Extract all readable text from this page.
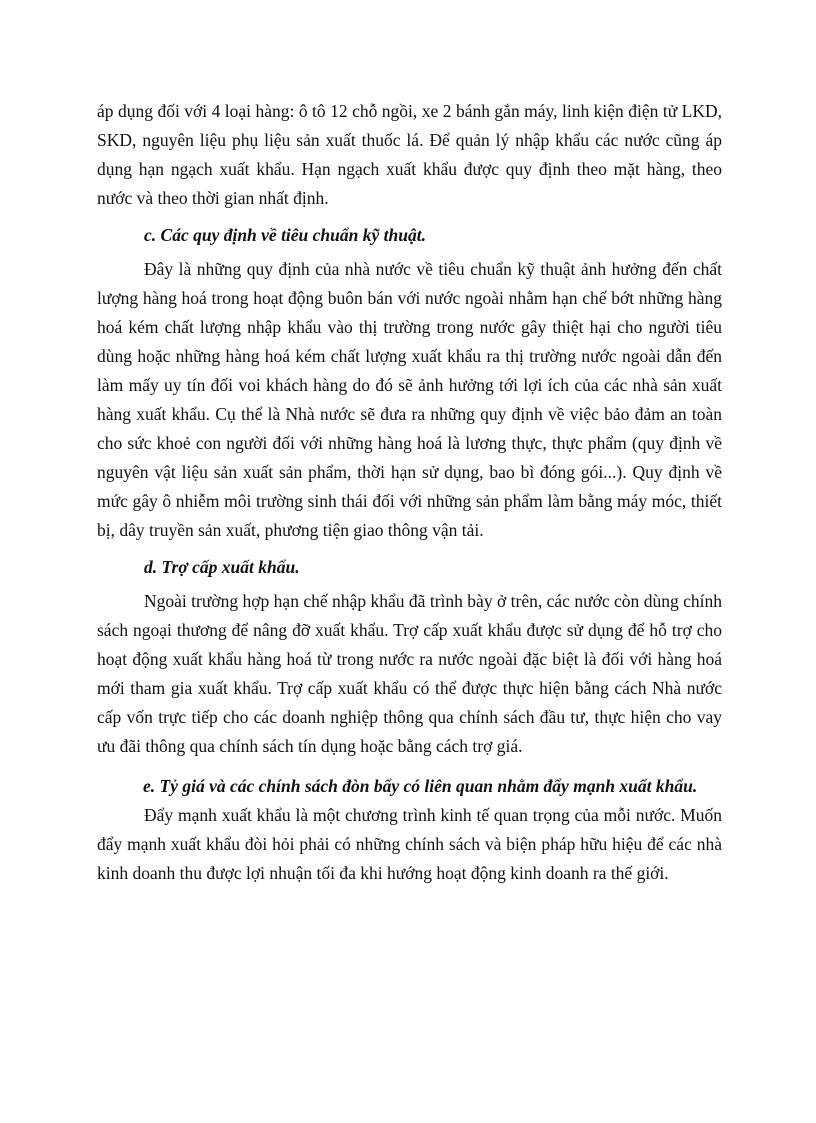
áp dụng đối với 4 loại hàng: ô tô 12 chỗ ngồi, xe 2 bánh gắn máy, linh kiện điện tử LKD, SKD, nguyên liệu phụ liệu sản xuất thuốc lá. Để quản lý nhập khẩu các nước cũng áp dụng hạn ngạch xuất khẩu. Hạn ngạch xuất khẩu được quy định theo mặt hàng, theo nước và theo thời gian nhất định.

c. Các quy định về tiêu chuẩn kỹ thuật.

Đây là những quy định của nhà nước về tiêu chuẩn kỹ thuật ảnh hưởng đến chất lượng hàng hoá trong hoạt động buôn bán với nước ngoài nhằm hạn chế bớt những hàng hoá kém chất lượng nhập khẩu vào thị trường trong nước gây thiệt hại cho người tiêu dùng hoặc những hàng hoá kém chất lượng xuất khẩu ra thị trường nước ngoài dẫn đến làm mấy uy tín đối voi khách hàng do đó sẽ ảnh hưởng tới lợi ích của các nhà sản xuất hàng xuất khẩu. Cụ thể là Nhà nước sẽ đưa ra những quy định về việc bảo đảm an toàn cho sức khoẻ con người đối với những hàng hoá là lương thực, thực phẩm (quy định về nguyên vật liệu sản xuất sản phẩm, thời hạn sử dụng, bao bì đóng gói...). Quy định về mức gây ô nhiễm môi trường sinh thái đối với những sản phẩm làm bằng máy móc, thiết bị, dây truyền sản xuất, phương tiện giao thông vận tải.

d. Trợ cấp xuất khẩu.

Ngoài trường hợp hạn chế nhập khẩu đã trình bày ở trên, các nước còn dùng chính sách ngoại thương để nâng đỡ xuất khẩu. Trợ cấp xuất khẩu được sử dụng để hỗ trợ cho hoạt động xuất khẩu hàng hoá từ trong nước ra nước ngoài đặc biệt là đối với hàng hoá mới tham gia xuất khẩu. Trợ cấp xuất khẩu có thể được thực hiện bằng cách Nhà nước cấp vốn trực tiếp cho các doanh nghiệp thông qua chính sách đầu tư, thực hiện cho vay ưu đãi thông qua chính sách tín dụng hoặc bằng cách trợ giá.

e. Tỷ giá và các chính sách đòn bẩy có liên quan nhằm đẩy mạnh xuất khẩu.

Đẩy mạnh xuất khẩu là một chương trình kinh tế quan trọng của mỗi nước. Muốn đẩy mạnh xuất khẩu đòi hỏi phải có những chính sách và biện pháp hữu hiệu để các nhà kinh doanh thu được lợi nhuận tối đa khi hướng hoạt động kinh doanh ra thế giới.
